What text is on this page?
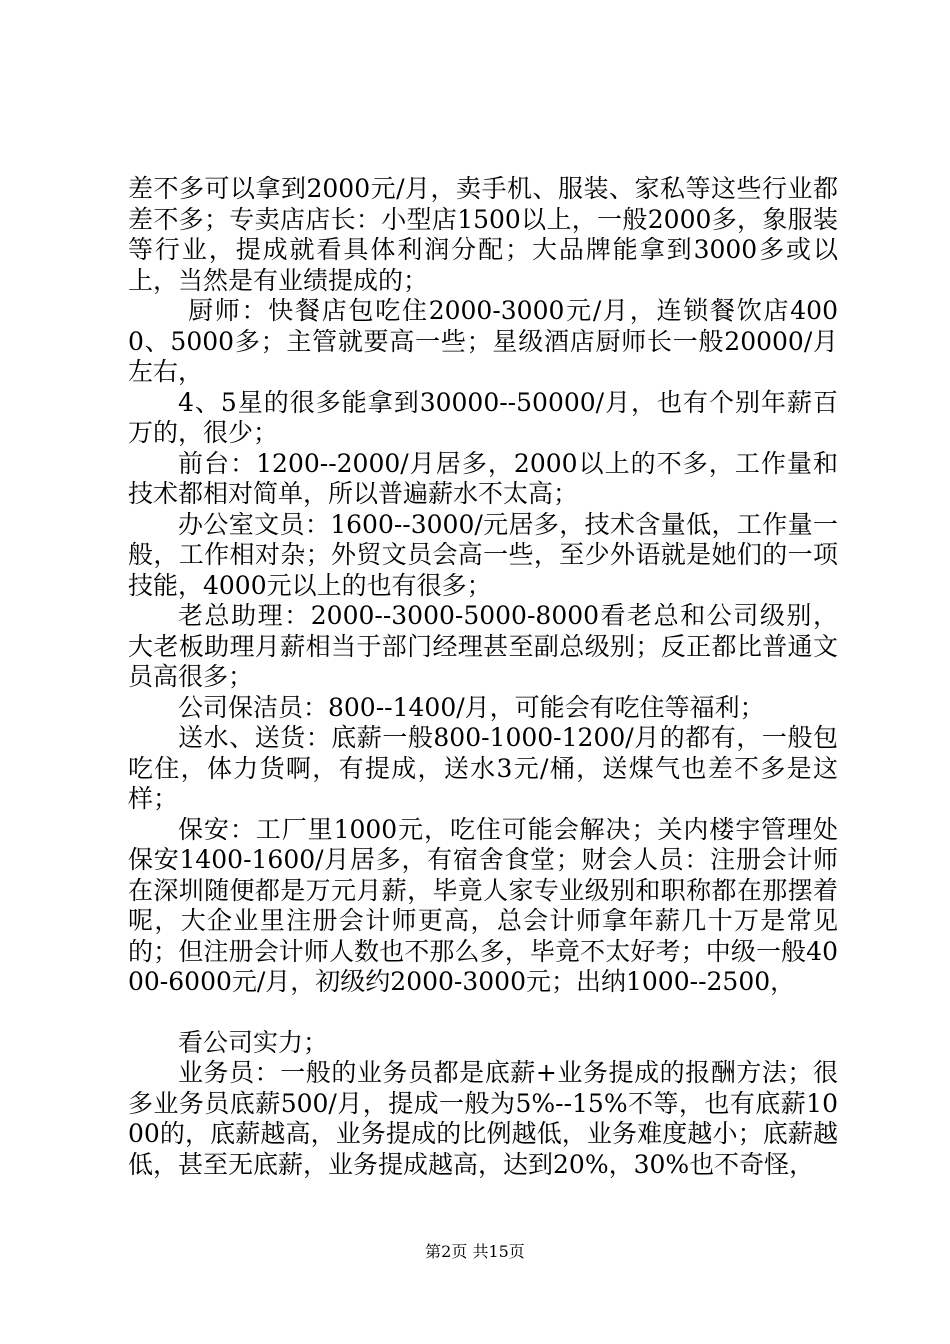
差不多可以拿到2000元/月，卖手机、服装、家私等这些行业都差不多；专卖店店长：小型店1500以上，一般2000多，象服装等行业，提成就看具体利润分配；大品牌能拿到3000多或以上，当然是有业绩提成的；

厨师：快餐店包吃住2000-3000元/月，连锁餐饮店4000、5000多；主管就要高一些；星级酒店厨师长一般20000/月左右，

4、5星的很多能拿到30000--50000/月，也有个别年薪百万的，很少；

前台：1200--2000/月居多，2000以上的不多，工作量和技术都相对简单，所以普遍薪水不太高；

办公室文员：1600--3000/元居多，技术含量低，工作量一般，工作相对杂；外贸文员会高一些，至少外语就是她们的一项技能，4000元以上的也有很多；

老总助理：2000--3000-5000-8000看老总和公司级别，大老板助理月薪相当于部门经理甚至副总级别；反正都比普通文员高很多；

公司保洁员：800--1400/月，可能会有吃住等福利；

送水、送货：底薪一般800-1000-1200/月的都有，一般包吃住，体力货啊，有提成，送水3元/桶，送煤气也差不多是这样；

保安：工厂里1000元，吃住可能会解决；关内楼宇管理处保安1400-1600/月居多，有宿舍食堂；财会人员：注册会计师在深圳随便都是万元月薪，毕竟人家专业级别和职称都在那摆着呢，大企业里注册会计师更高，总会计师拿年薪几十万是常见的；但注册会计师人数也不那么多，毕竟不太好考；中级一般4000-6000元/月，初级约2000-3000元；出纳1000--2500，

看公司实力；

业务员：一般的业务员都是底薪+业务提成的报酬方法；很多业务员底薪500/月，提成一般为5%--15%不等，也有底薪1000的，底薪越高，业务提成的比例越低，业务难度越小；底薪越低，甚至无底薪，业务提成越高，达到20%，30%也不奇怪，

第2页 共15页
